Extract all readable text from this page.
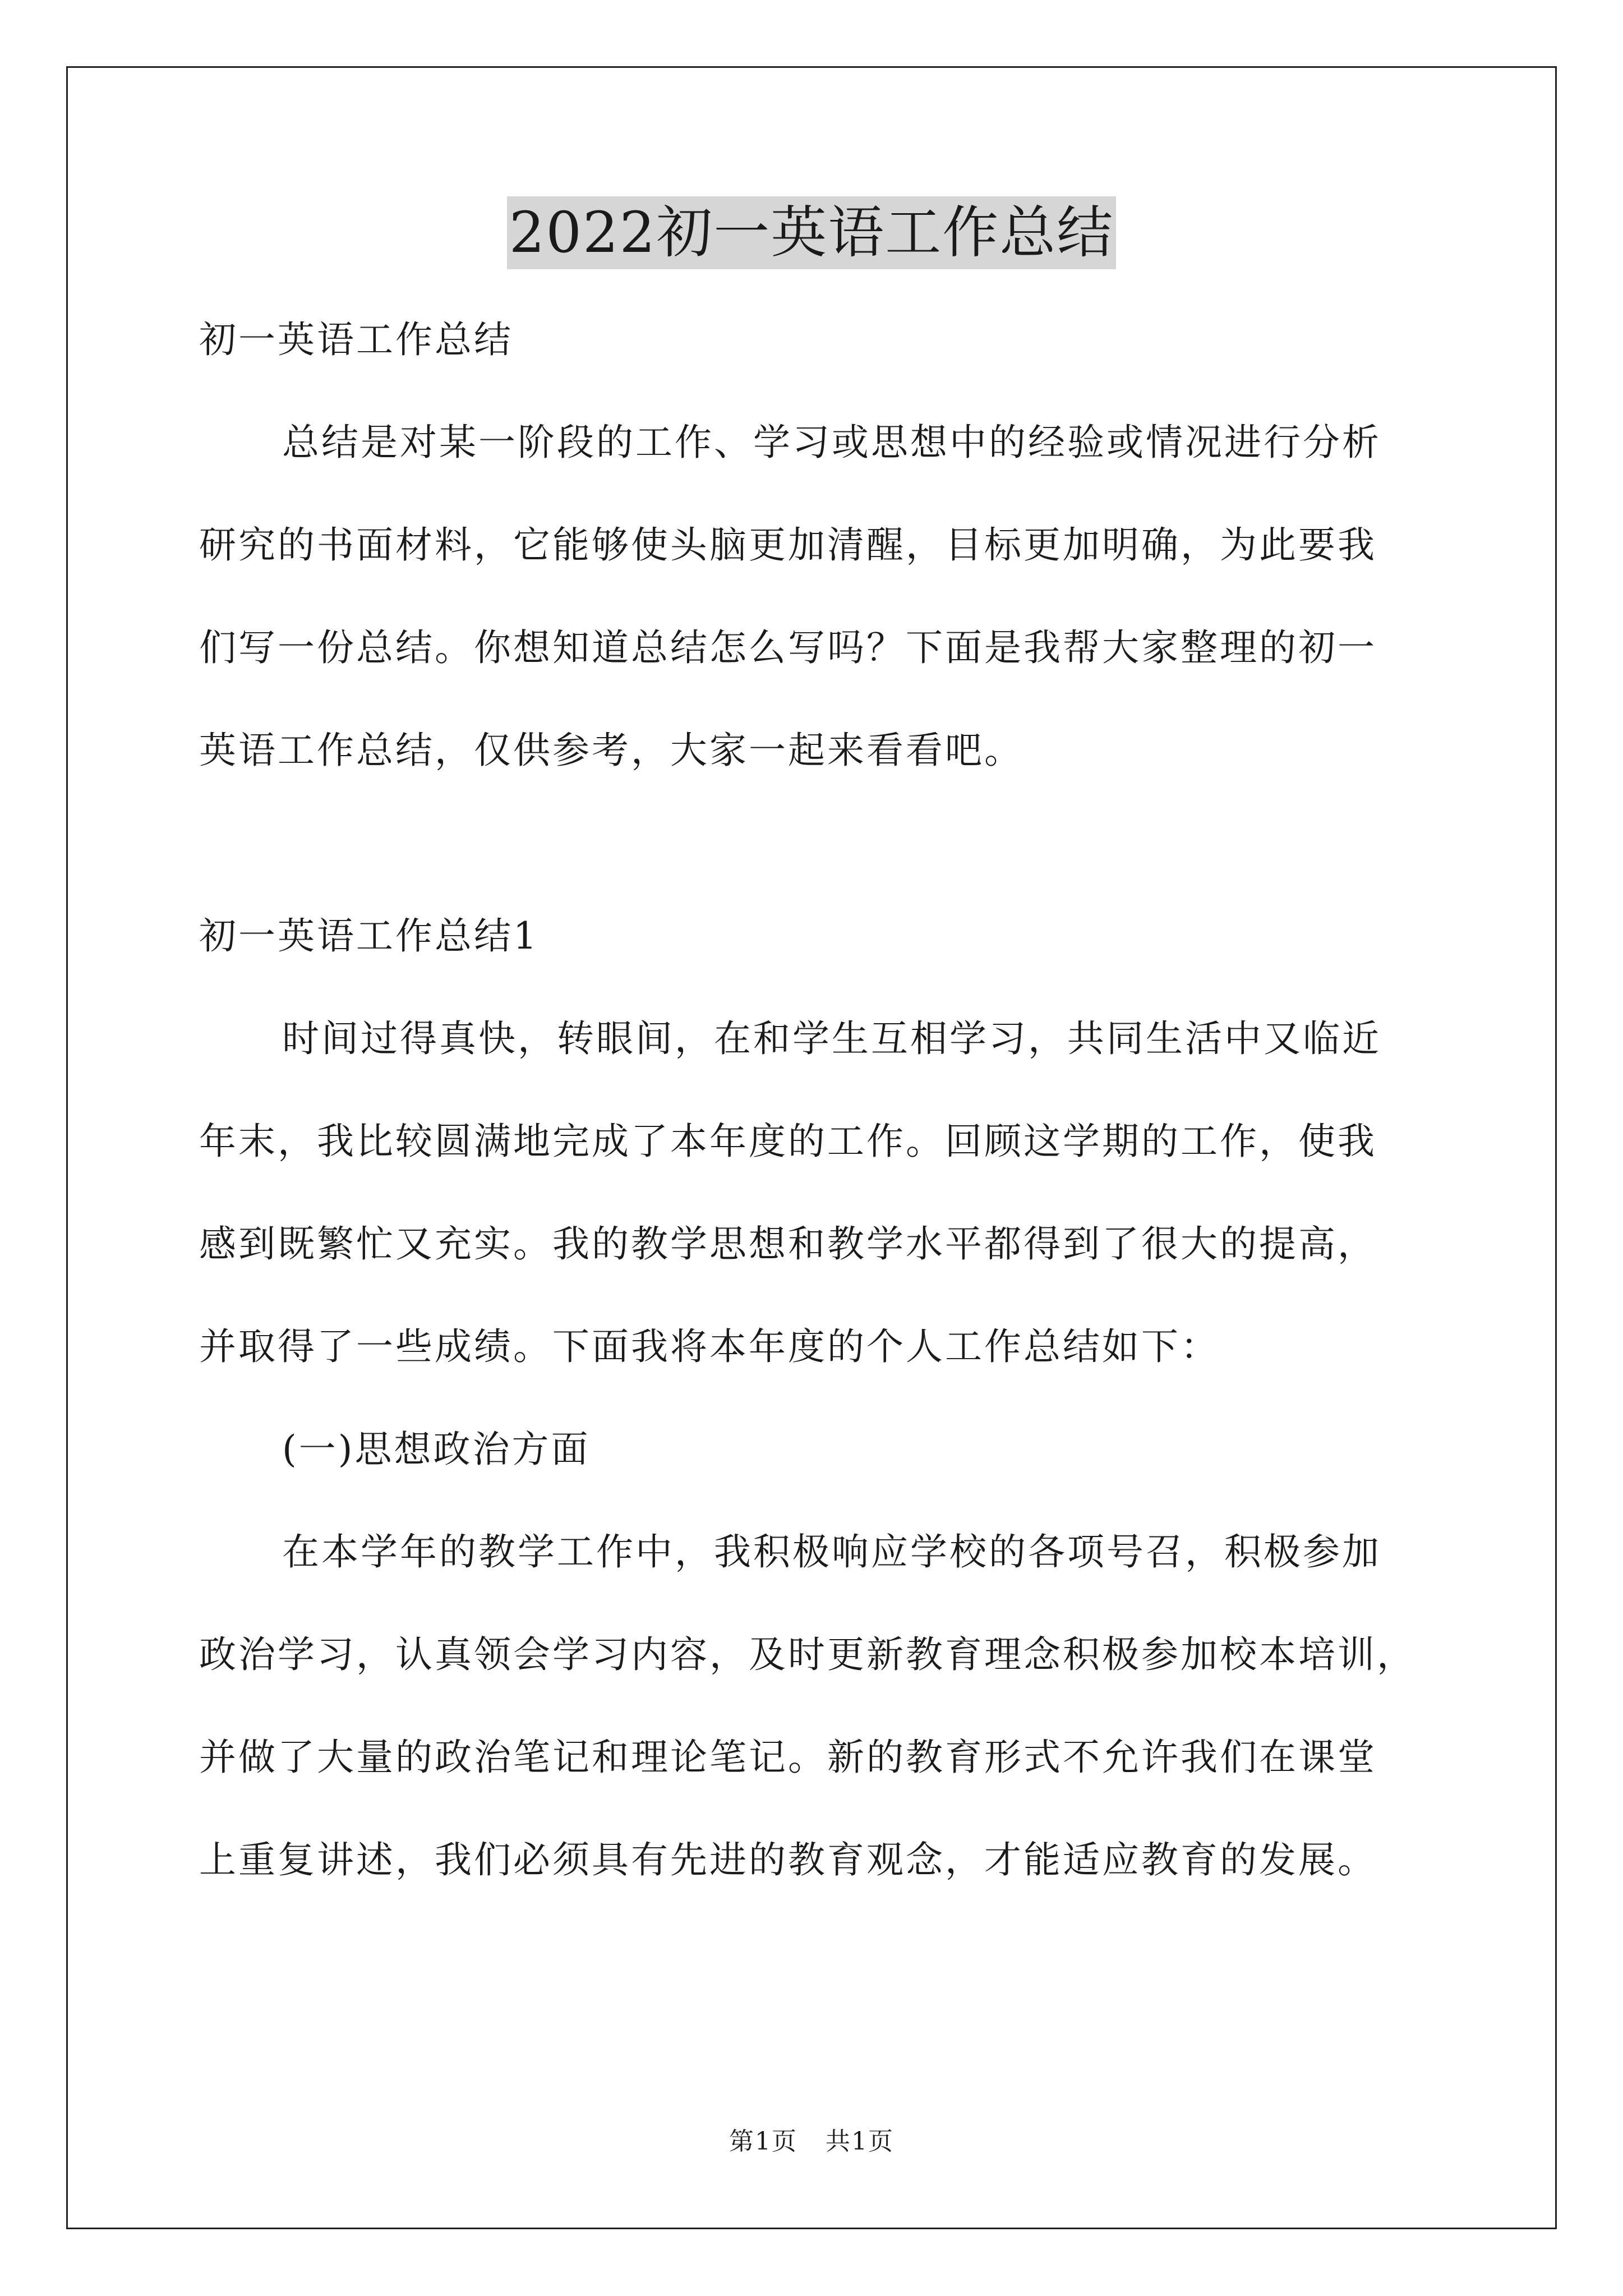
2022初一英语工作总结
初一英语工作总结
总结是对某一阶段的工作、学习或思想中的经验或情况进行分析
研究的书面材料，它能够使头脑更加清醒，目标更加明确，为此要我
们写一份总结。你想知道总结怎么写吗？下面是我帮大家整理的初一
英语工作总结，仅供参考，大家一起来看看吧。
初一英语工作总结1
时间过得真快，转眼间，在和学生互相学习，共同生活中又临近
年末，我比较圆满地完成了本年度的工作。回顾这学期的工作，使我
感到既繁忙又充实。我的教学思想和教学水平都得到了很大的提高，
并取得了一些成绩。下面我将本年度的个人工作总结如下：
(一)思想政治方面
在本学年的教学工作中，我积极响应学校的各项号召，积极参加
政治学习，认真领会学习内容，及时更新教育理念积极参加校本培训，
并做了大量的政治笔记和理论笔记。新的教育形式不允许我们在课堂
上重复讲述，我们必须具有先进的教育观念，才能适应教育的发展。
第1页 共1页
